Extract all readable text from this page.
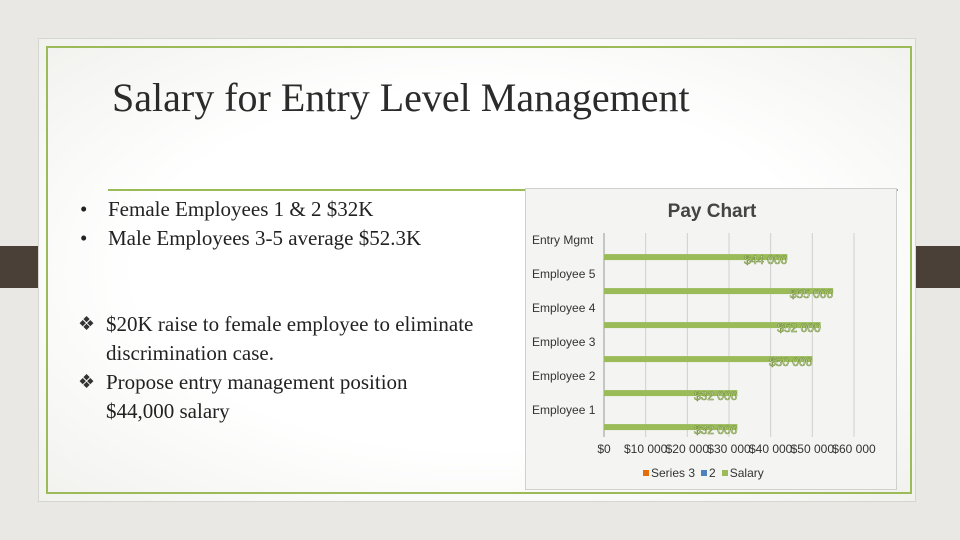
Salary for Entry Level Management
• Female Employees 1 & 2 $32K
• Male Employees 3-5 average $52.3K
❖ $20K raise to female employee to eliminate discrimination case.
❖ Propose entry management position $44,000 salary
Pay Chart
$0 $10 000
$20 000
$30 000
$40 000
$50 000
$60 000
Employee 1
$32 000
Employee 2
$32 000
Employee 3
$50 000
Employee 4
$52 000
Employee 5
$55 000
Entry Mgmt
$44 000
Series 3 2 Salary
